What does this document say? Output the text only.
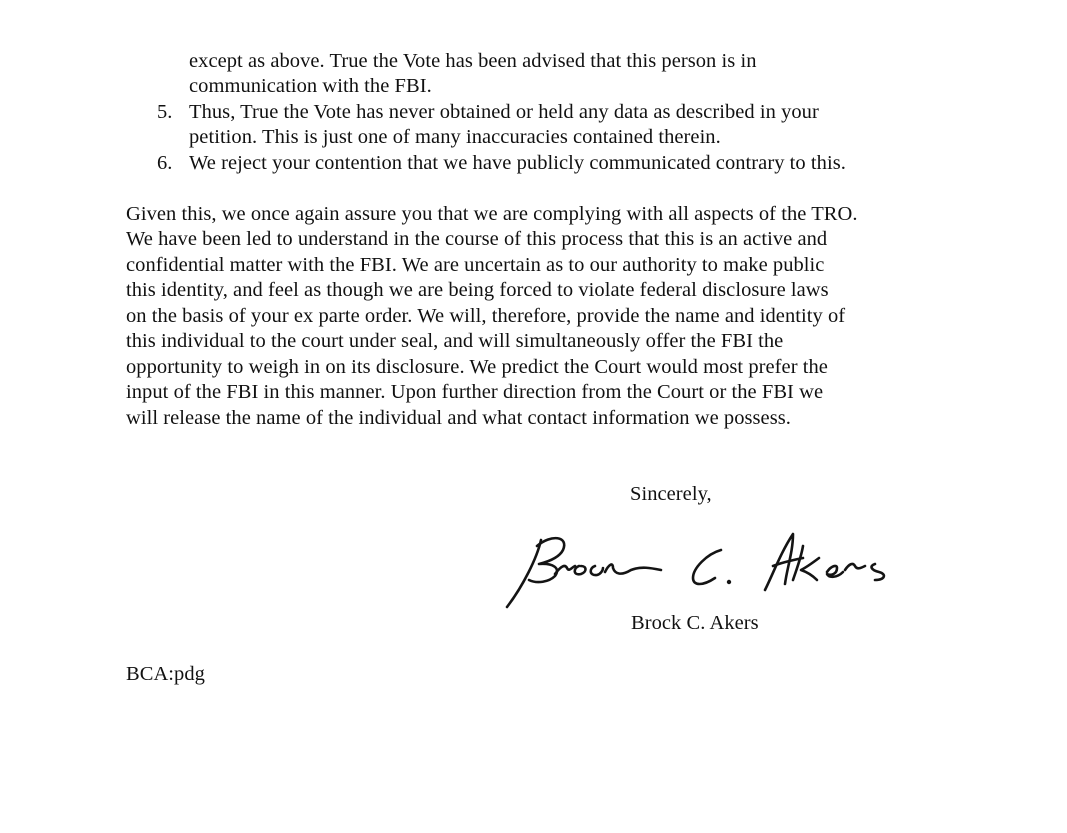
except as above. True the Vote has been advised that this person is in
communication with the FBI.
5. Thus, True the Vote has never obtained or held any data as described in your
petition. This is just one of many inaccuracies contained therein.
6. We reject your contention that we have publicly communicated contrary to this.
Given this, we once again assure you that we are complying with all aspects of the TRO.
We have been led to understand in the course of this process that this is an active and
confidential matter with the FBI. We are uncertain as to our authority to make public
this identity, and feel as though we are being forced to violate federal disclosure laws
on the basis of your ex parte order. We will, therefore, provide the name and identity of
this individual to the court under seal, and will simultaneously offer the FBI the
opportunity to weigh in on its disclosure. We predict the Court would most prefer the
input of the FBI in this manner. Upon further direction from the Court or the FBI we
will release the name of the individual and what contact information we possess.
Sincerely,
Brock C. Akers
BCA:pdg
